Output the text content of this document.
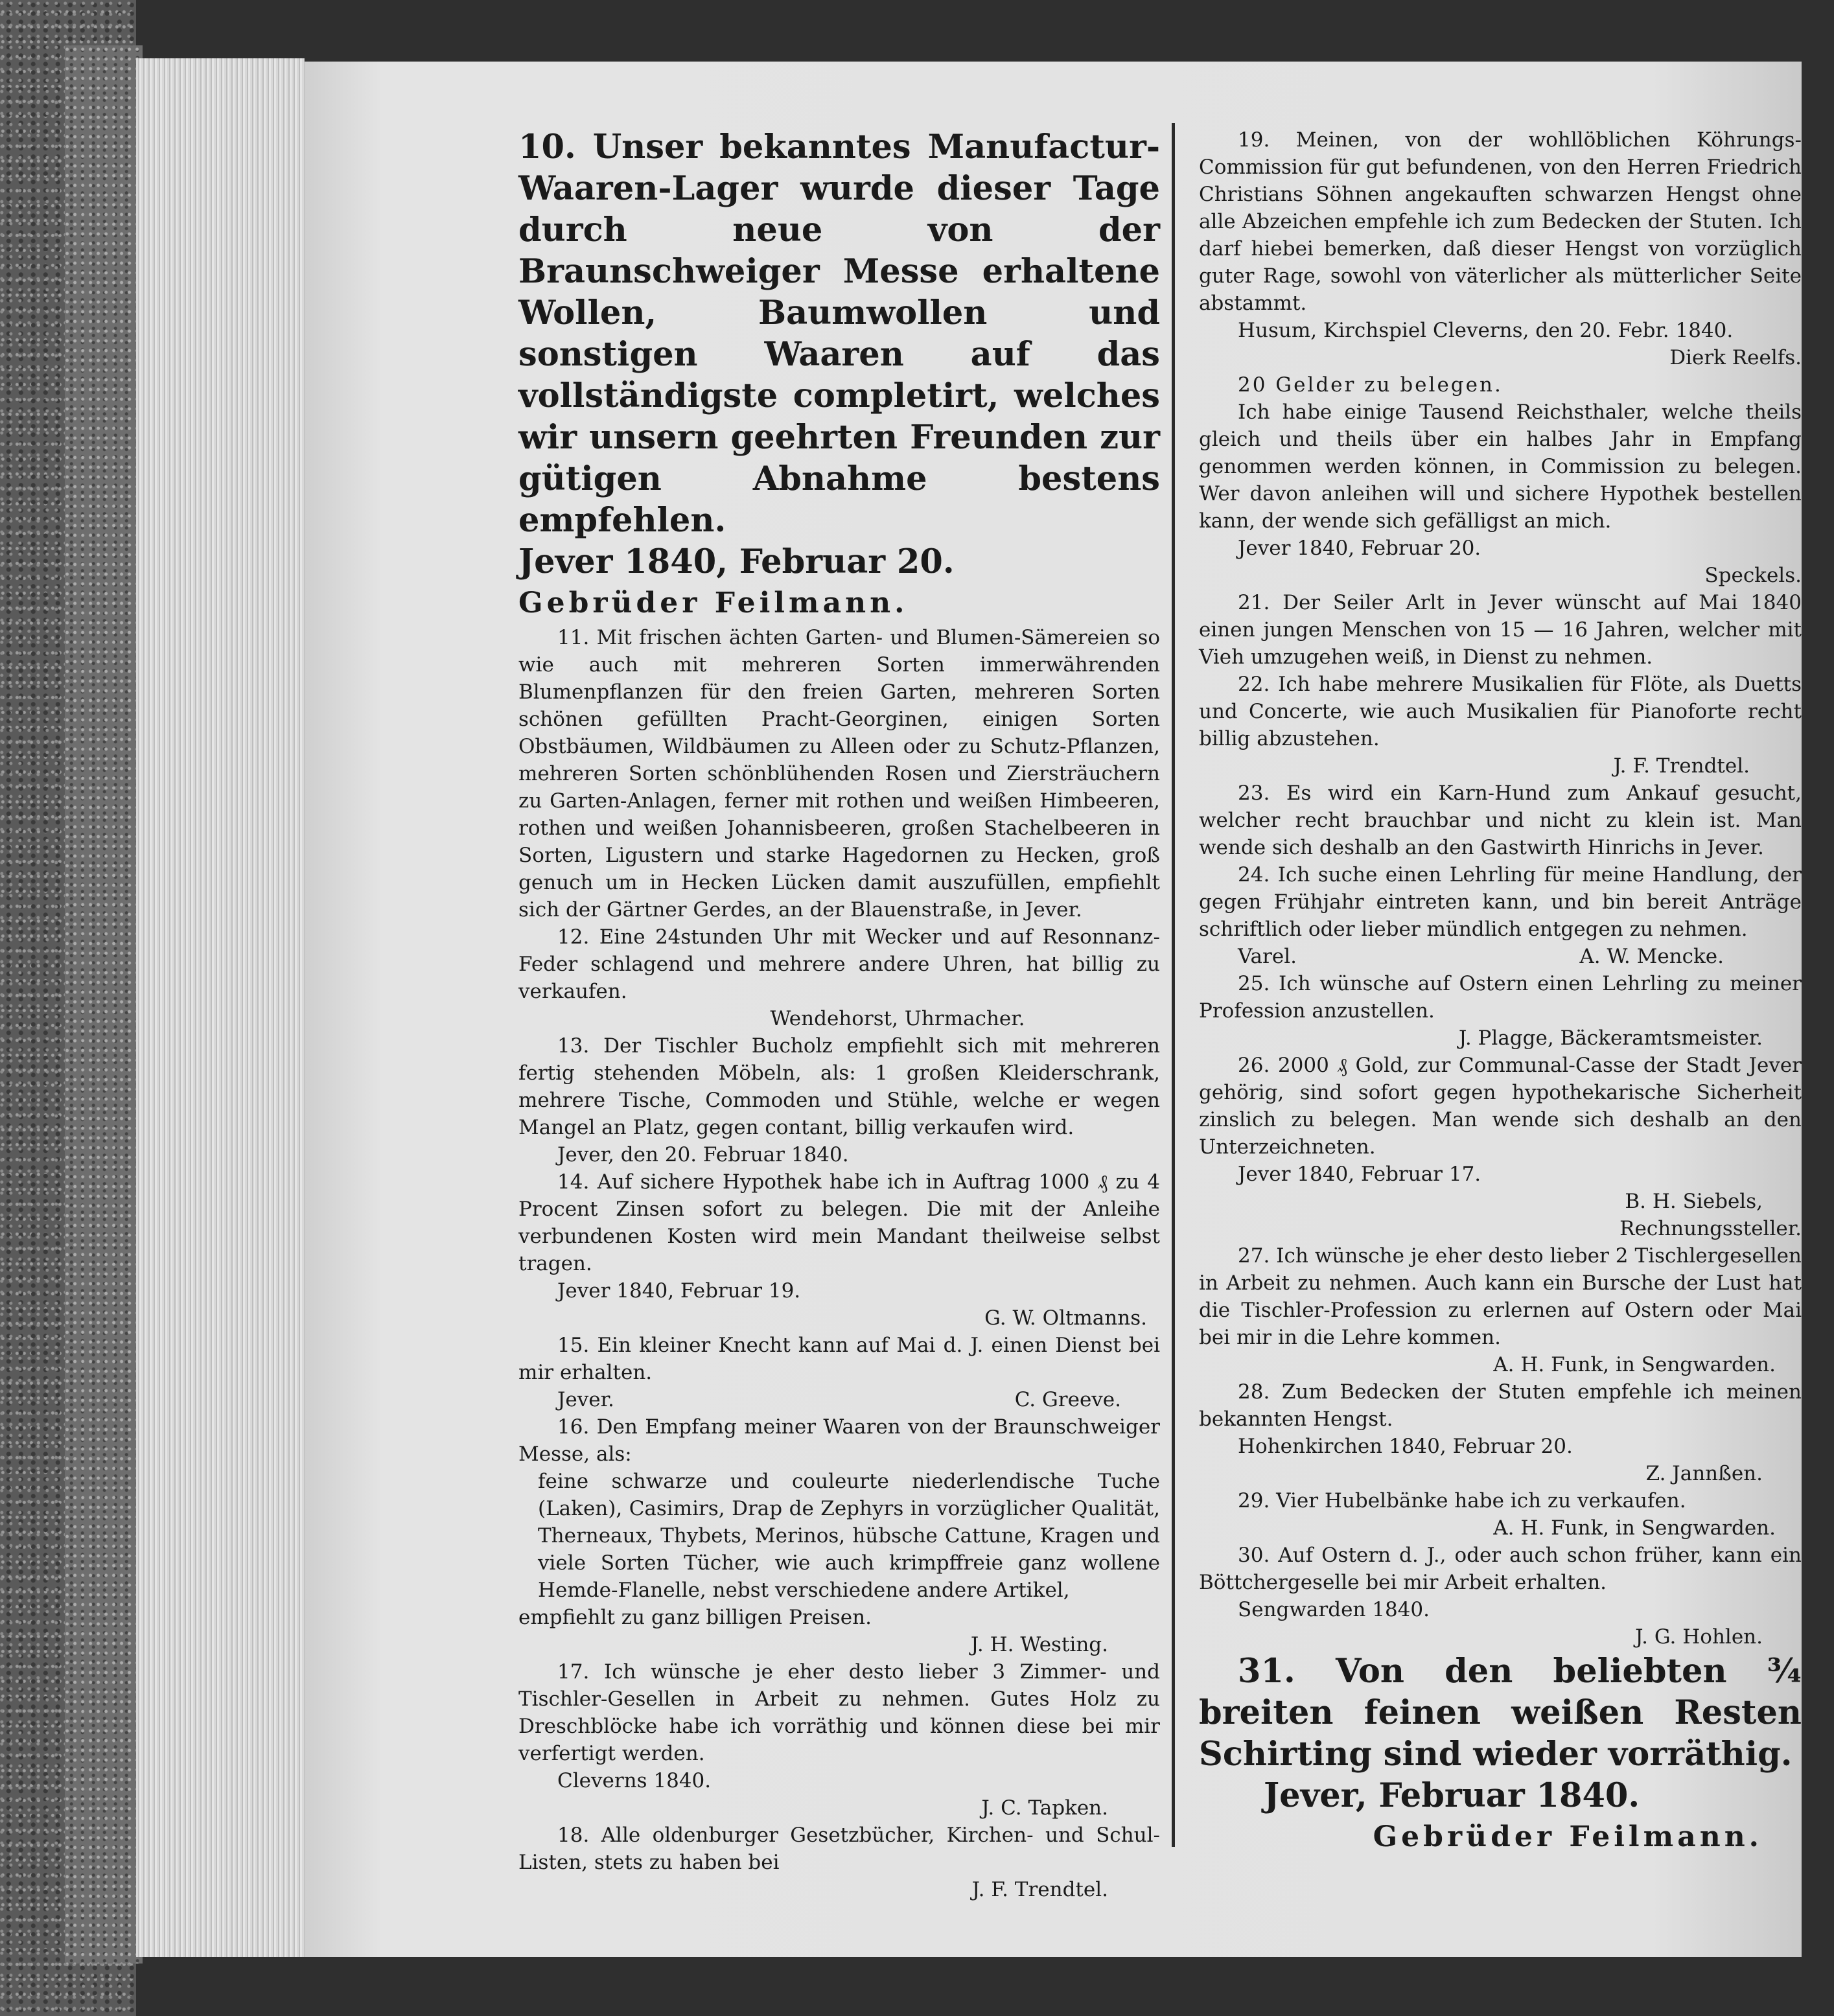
10. Unser bekanntes Manufactur-Waaren-Lager wurde dieser Tage durch neue von der Braunschweiger Messe erhaltene Wollen, Baumwollen und sonstigen Waaren auf das vollständigste completirt, welches wir unsern geehrten Freunden zur gütigen Abnahme bestens empfehlen.

Jever 1840, Februar 20.

Gebrüder Feilmann.

11. Mit frischen ächten Garten- und Blumen-Sämereien so wie auch mit mehreren Sorten immerwährenden Blumenpflanzen für den freien Garten, mehreren Sorten schönen gefüllten Pracht-Georginen, einigen Sorten Obstbäumen, Wildbäumen zu Alleen oder zu Schutz-Pflanzen, mehreren Sorten schönblühenden Rosen und Ziersträuchern zu Garten-Anlagen, ferner mit rothen und weißen Himbeeren, rothen und weißen Johannisbeeren, großen Stachelbeeren in Sorten, Ligustern und starke Hagedornen zu Hecken, groß genuch um in Hecken Lücken damit auszufüllen, empfiehlt sich der Gärtner Gerdes, an der Blauenstraße, in Jever.

12. Eine 24stunden Uhr mit Wecker und auf Resonnanz-Feder schlagend und mehrere andere Uhren, hat billig zu verkaufen.

Wendehorst, Uhrmacher.

13. Der Tischler Bucholz empfiehlt sich mit mehreren fertig stehenden Möbeln, als: 1 großen Kleiderschrank, mehrere Tische, Commoden und Stühle, welche er wegen Mangel an Platz, gegen contant, billig verkaufen wird.

Jever, den 20. Februar 1840.

14. Auf sichere Hypothek habe ich in Auftrag 1000 ₰ zu 4 Procent Zinsen sofort zu belegen. Die mit der Anleihe verbundenen Kosten wird mein Mandant theilweise selbst tragen.

Jever 1840, Februar 19.

G. W. Oltmanns.

15. Ein kleiner Knecht kann auf Mai d. J. einen Dienst bei mir erhalten.

Jever.	C. Greeve.

16. Den Empfang meiner Waaren von der Braunschweiger Messe, als:

feine schwarze und couleurte niederlendische Tuche (Laken), Casimirs, Drap de Zephyrs in vorzüglicher Qualität, Therneaux, Thybets, Merinos, hübsche Cattune, Kragen und viele Sorten Tücher, wie auch krimpffreie ganz wollene Hemde-Flanelle, nebst verschiedene andere Artikel,

empfiehlt zu ganz billigen Preisen.

J. H. Westing.

17. Ich wünsche je eher desto lieber 3 Zimmer- und Tischler-Gesellen in Arbeit zu nehmen. Gutes Holz zu Dreschblöcke habe ich vorräthig und können diese bei mir verfertigt werden.

Cleverns 1840.

J. C. Tapken.

18. Alle oldenburger Gesetzbücher, Kirchen- und Schul-Listen, stets zu haben bei

J. F. Trendtel.

19. Meinen, von der wohllöblichen Köhrungs-Commission für gut befundenen, von den Herren Friedrich Christians Söhnen angekauften schwarzen Hengst ohne alle Abzeichen empfehle ich zum Bedecken der Stuten. Ich darf hiebei bemerken, daß dieser Hengst von vorzüglich guter Rage, sowohl von väterlicher als mütterlicher Seite abstammt.

Husum, Kirchspiel Cleverns, den 20. Febr. 1840.

Dierk Reelfs.

20 Gelder zu belegen.

Ich habe einige Tausend Reichsthaler, welche theils gleich und theils über ein halbes Jahr in Empfang genommen werden können, in Commission zu belegen. Wer davon anleihen will und sichere Hypothek bestellen kann, der wende sich gefälligst an mich.

Jever 1840, Februar 20.

Speckels.

21. Der Seiler Arlt in Jever wünscht auf Mai 1840 einen jungen Menschen von 15 — 16 Jahren, welcher mit Vieh umzugehen weiß, in Dienst zu nehmen.

22. Ich habe mehrere Musikalien für Flöte, als Duetts und Concerte, wie auch Musikalien für Pianoforte recht billig abzustehen.

J. F. Trendtel.

23. Es wird ein Karn-Hund zum Ankauf gesucht, welcher recht brauchbar und nicht zu klein ist. Man wende sich deshalb an den Gastwirth Hinrichs in Jever.

24. Ich suche einen Lehrling für meine Handlung, der gegen Frühjahr eintreten kann, und bin bereit Anträge schriftlich oder lieber mündlich entgegen zu nehmen.

Varel.	A. W. Mencke.

25. Ich wünsche auf Ostern einen Lehrling zu meiner Profession anzustellen.

J. Plagge, Bäckeramtsmeister.

26. 2000 ₰ Gold, zur Communal-Casse der Stadt Jever gehörig, sind sofort gegen hypothekarische Sicherheit zinslich zu belegen. Man wende sich deshalb an den Unterzeichneten.

Jever 1840, Februar 17.

B. H. Siebels,

Rechnungssteller.

27. Ich wünsche je eher desto lieber 2 Tischlergesellen in Arbeit zu nehmen. Auch kann ein Bursche der Lust hat die Tischler-Profession zu erlernen auf Ostern oder Mai bei mir in die Lehre kommen.

A. H. Funk, in Sengwarden.

28. Zum Bedecken der Stuten empfehle ich meinen bekannten Hengst.

Hohenkirchen 1840, Februar 20.

Z. Jannßen.

29. Vier Hubelbänke habe ich zu verkaufen.

A. H. Funk, in Sengwarden.

30. Auf Ostern d. J., oder auch schon früher, kann ein Böttchergeselle bei mir Arbeit erhalten.

Sengwarden 1840.

J. G. Hohlen.

31. Von den beliebten ¾ breiten feinen weißen Resten Schirting sind wieder vorräthig.

Jever, Februar 1840.

Gebrüder Feilmann.
